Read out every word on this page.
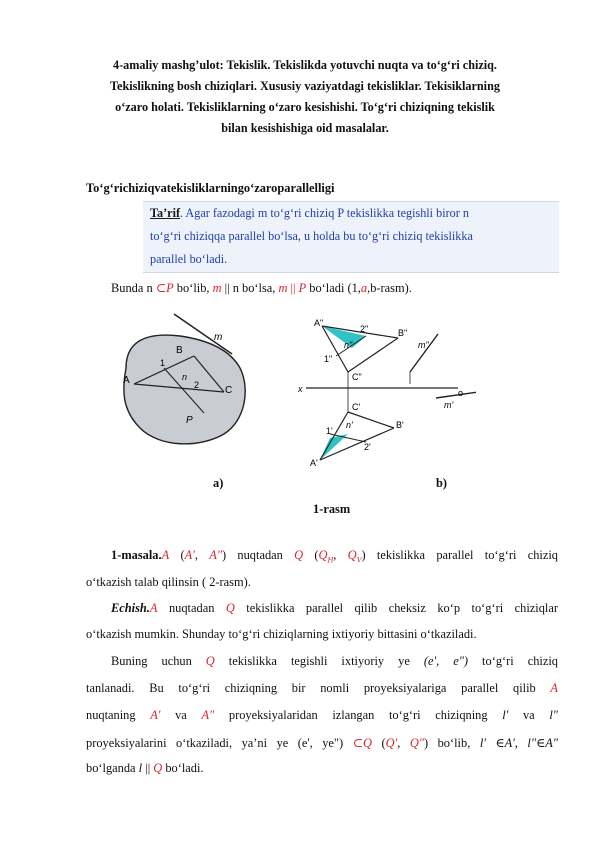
4-amaliy mashg’ulot: Tekislik. Tekislikda yotuvchi nuqta va to‘g‘ri chiziq.
Tekislikning bosh chiziqlari. Xususiy vaziyatdagi tekisliklar. Tekisiklarning
o‘zaro holati. Tekisliklarning o‘zaro kesishishi. To‘g‘ri chiziqning tekislik
bilan kesishishiga oid masalalar.
To‘g‘richiziqvatekisliklarningo‘zaroparallelligi
Ta’rif. Agar fazodagi m to‘g‘ri chiziq P tekislikka tegishli biror n
to‘g‘ri chiziqqa parallel bo‘lsa, u holda bu to‘g‘ri chiziq tekislikka
parallel bo‘ladi.
Bunda n ⊂P bo‘lib, m || n bo‘lsa, m || P bo‘ladi (1,a,b-rasm).
m
B
1
n
A	2	C
P
A"
2"	B"
n"	m"
1"
C"
x	o
C'	m'
n'
1'
B'
2'
A'
a)	b)
1-rasm
1-masala.A (A′, A″) nuqtadan Q ($Q_H$, $Q_V$) tekislikka parallel to‘g‘ri chiziq
o‘tkazish talab qilinsin ( 2-rasm).
Echish.A nuqtadan Q tekislikka parallel qilib cheksiz ko‘p to‘g‘ri chiziqlar
o‘tkazish mumkin. Shunday to‘g‘ri chiziqlarning ixtiyoriy bittasini o‘tkaziladi.
Buning uchun Q tekislikka tegishli ixtiyoriy ye (e', e") to‘g‘ri chiziq
tanlanadi. Bu to‘g‘ri chiziqning bir nomli proyeksiyalariga parallel qilib A
nuqtaning A' va A" proyeksiyalaridan izlangan to‘g‘ri chiziqning l' va l"
proyeksiyalarini o‘tkaziladi, ya’ni ye (e', ye") ⊂Q (Q', Q") bo‘lib, l' ∈A', l"∈A"
bo‘lganda l || Q bo‘ladi.
